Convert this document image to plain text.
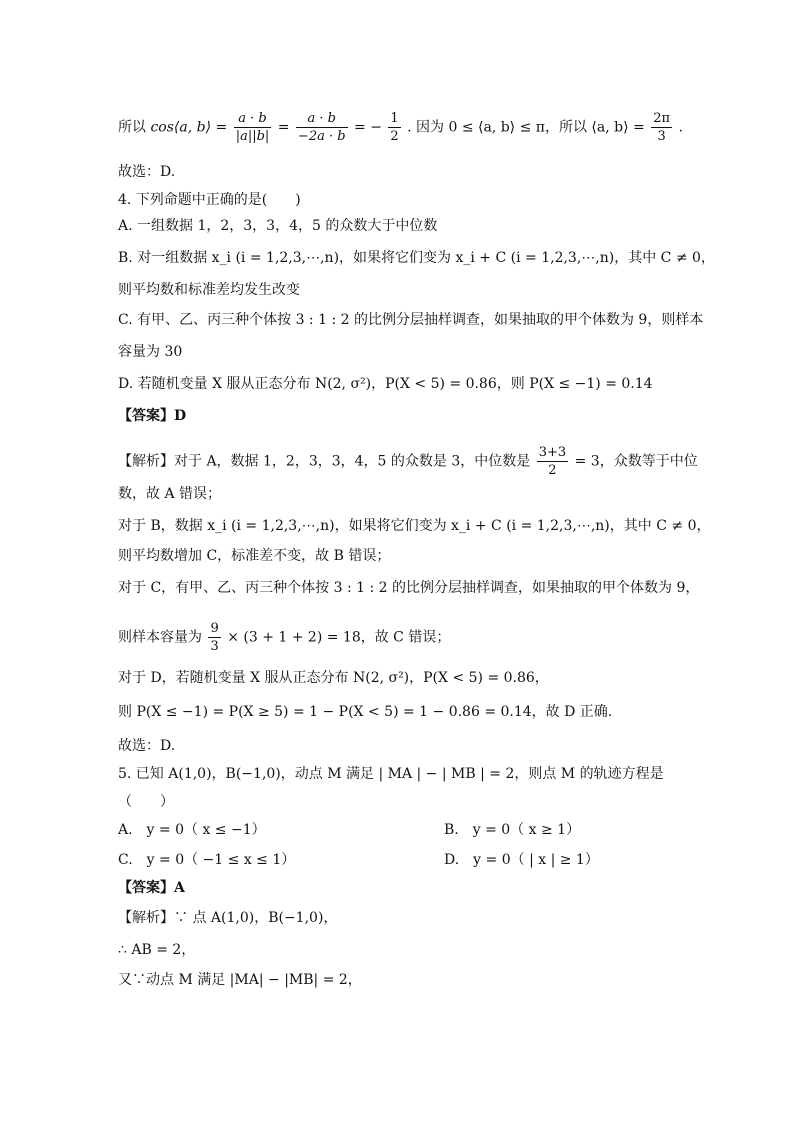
所以 cos⟨a, b⟩ = $\frac{a \cdot b}{|a||b|} = \frac{a \cdot b}{-2a \cdot b}$ = − $\frac{1}{2}$ . 因为 0 ≤ ⟨a, b⟩ ≤ π，所以 ⟨a, b⟩ = $\frac{2\pi}{3}$ .
故选：D.
4. 下列命题中正确的是(　　)
A. 一组数据 1，2，3，3，4，5 的众数大于中位数
B. 对一组数据 x_i (i = 1,2,3,⋯,n)，如果将它们变为 x_i + C (i = 1,2,3,⋯,n)，其中 C ≠ 0，
则平均数和标准差均发生改变
C. 有甲、乙、丙三种个体按 3 : 1 : 2 的比例分层抽样调查，如果抽取的甲个体数为 9，则样本
容量为 30
D. 若随机变量 X 服从正态分布 N(2, σ²)，P(X < 5) = 0.86，则 P(X ≤ −1) = 0.14
【答案】D
【解析】对于 A，数据 1，2，3，3，4，5 的众数是 3，中位数是 $\frac{3+3}{2} = 3$，众数等于中位
数，故 A 错误；
对于 B，数据 x_i (i = 1,2,3,⋯,n)，如果将它们变为 x_i + C (i = 1,2,3,⋯,n)，其中 C ≠ 0，
则平均数增加 C，标准差不变，故 B 错误；
对于 C，有甲、乙、丙三种个体按 3 : 1 : 2 的比例分层抽样调查，如果抽取的甲个体数为 9，
则样本容量为 $\frac{9}{3} \times (3 + 1 + 2) = 18$，故 C 错误；
对于 D，若随机变量 X 服从正态分布 N(2, σ²)，P(X < 5) = 0.86，
则 P(X ≤ −1) = P(X ≥ 5) = 1 − P(X < 5) = 1 − 0.86 = 0.14，故 D 正确.
故选：D.
5. 已知 A(1,0)，B(−1,0)，动点 M 满足 | MA | − | MB | = 2，则点 M 的轨迹方程是
（　　）
A.　y = 0（ x ≤ −1）	B.　y = 0（ x ≥ 1）
C.　y = 0（ −1 ≤ x ≤ 1）	D.　y = 0（ | x | ≥ 1）
【答案】A
【解析】∵ 点 A(1,0)，B(−1,0)，
∴ AB = 2，
又∵动点 M 满足 |MA| − |MB| = 2，
